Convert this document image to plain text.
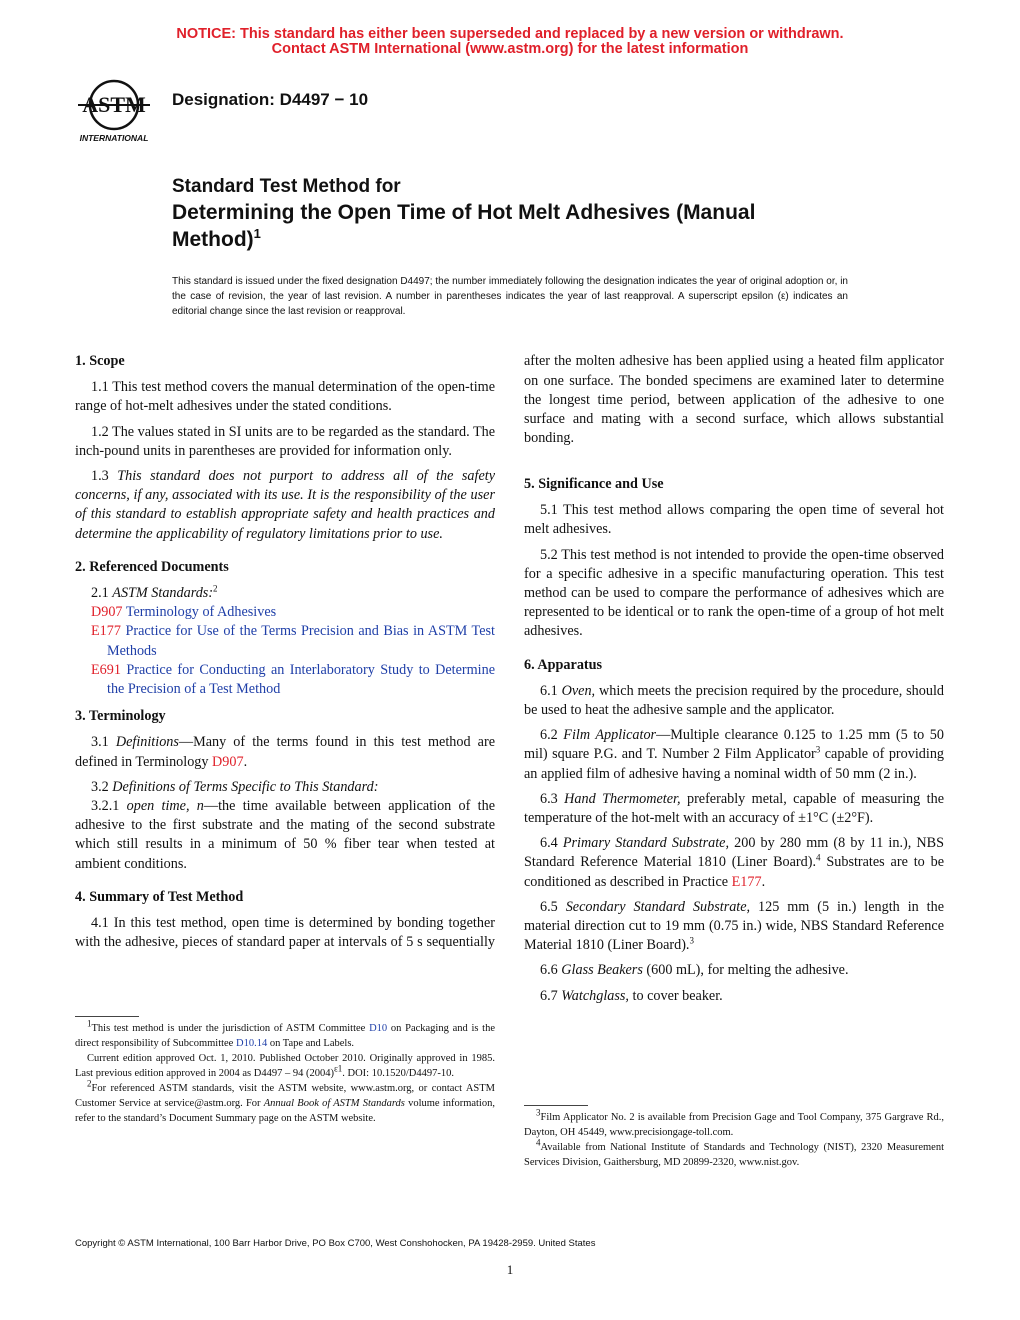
NOTICE: This standard has either been superseded and replaced by a new version or withdrawn.
Contact ASTM International (www.astm.org) for the latest information
ASTM
INTERNATIONAL
Designation: D4497 − 10
Standard Test Method for
Determining the Open Time of Hot Melt Adhesives (Manual
Method)$^1$
This standard is issued under the fixed designation D4497; the number immediately following the designation indicates the year of original adoption or, in the case of revision, the year of last revision. A number in parentheses indicates the year of last reapproval. A superscript epsilon (ε) indicates an editorial change since the last revision or reapproval.

1. Scope

1.1 This test method covers the manual determination of the open-time range of hot-melt adhesives under the stated conditions.

1.2 The values stated in SI units are to be regarded as the standard. The inch-pound units in parentheses are provided for information only.

1.3 This standard does not purport to address all of the safety concerns, if any, associated with its use. It is the responsibility of the user of this standard to establish appropriate safety and health practices and determine the applicability of regulatory limitations prior to use.

2. Referenced Documents

2.1 ASTM Standards:$^2$

D907 Terminology of Adhesives

E177 Practice for Use of the Terms Precision and Bias in ASTM Test Methods

E691 Practice for Conducting an Interlaboratory Study to Determine the Precision of a Test Method

3. Terminology

3.1 Definitions—Many of the terms found in this test method are defined in Terminology D907.

3.2 Definitions of Terms Specific to This Standard:

3.2.1 open time, n—the time available between application of the adhesive to the first substrate and the mating of the second substrate which still results in a minimum of 50 % fiber tear when tested at ambient conditions.

4. Summary of Test Method

4.1 In this test method, open time is determined by bonding together with the adhesive, pieces of standard paper at intervals of 5 s sequentially

after the molten adhesive has been applied using a heated film applicator on one surface. The bonded specimens are examined later to determine the longest time period, between application of the adhesive to one surface and mating with a second surface, which allows substantial bonding.

5. Significance and Use

5.1 This test method allows comparing the open time of several hot melt adhesives.

5.2 This test method is not intended to provide the open-time observed for a specific adhesive in a specific manufacturing operation. This test method can be used to compare the performance of adhesives which are represented to be identical or to rank the open-time of a group of hot melt adhesives.

6. Apparatus

6.1 Oven, which meets the precision required by the procedure, should be used to heat the adhesive sample and the applicator.

6.2 Film Applicator—Multiple clearance 0.125 to 1.25 mm (5 to 50 mil) square P.G. and T. Number 2 Film Applicator$^3$ capable of providing an applied film of adhesive having a nominal width of 50 mm (2 in.).

6.3 Hand Thermometer, preferably metal, capable of measuring the temperature of the hot-melt with an accuracy of ±1°C (±2°F).

6.4 Primary Standard Substrate, 200 by 280 mm (8 by 11 in.), NBS Standard Reference Material 1810 (Liner Board).$^4$ Substrates are to be conditioned as described in Practice E177.

6.5 Secondary Standard Substrate, 125 mm (5 in.) length in the material direction cut to 19 mm (0.75 in.) wide, NBS Standard Reference Material 1810 (Liner Board).$^3$

6.6 Glass Beakers (600 mL), for melting the adhesive.

6.7 Watchglass, to cover beaker.

$^1$This test method is under the jurisdiction of ASTM Committee D10 on Packaging and is the direct responsibility of Subcommittee D10.14 on Tape and Labels.

Current edition approved Oct. 1, 2010. Published October 2010. Originally approved in 1985. Last previous edition approved in 2004 as D4497 – 94 $(2004)^{\varepsilon 1}$. DOI: 10.1520/D4497-10.

$^2$For referenced ASTM standards, visit the ASTM website, www.astm.org, or contact ASTM Customer Service at service@astm.org. For Annual Book of ASTM Standards volume information, refer to the standard’s Document Summary page on the ASTM website.

$^3$Film Applicator No. 2 is available from Precision Gage and Tool Company, 375 Gargrave Rd., Dayton, OH 45449, www.precisiongage-toll.com.

$^4$Available from National Institute of Standards and Technology (NIST), 2320 Measurement Services Division, Gaithersburg, MD 20899-2320, www.nist.gov.

Copyright © ASTM International, 100 Barr Harbor Drive, PO Box C700, West Conshohocken, PA 19428-2959. United States
1
